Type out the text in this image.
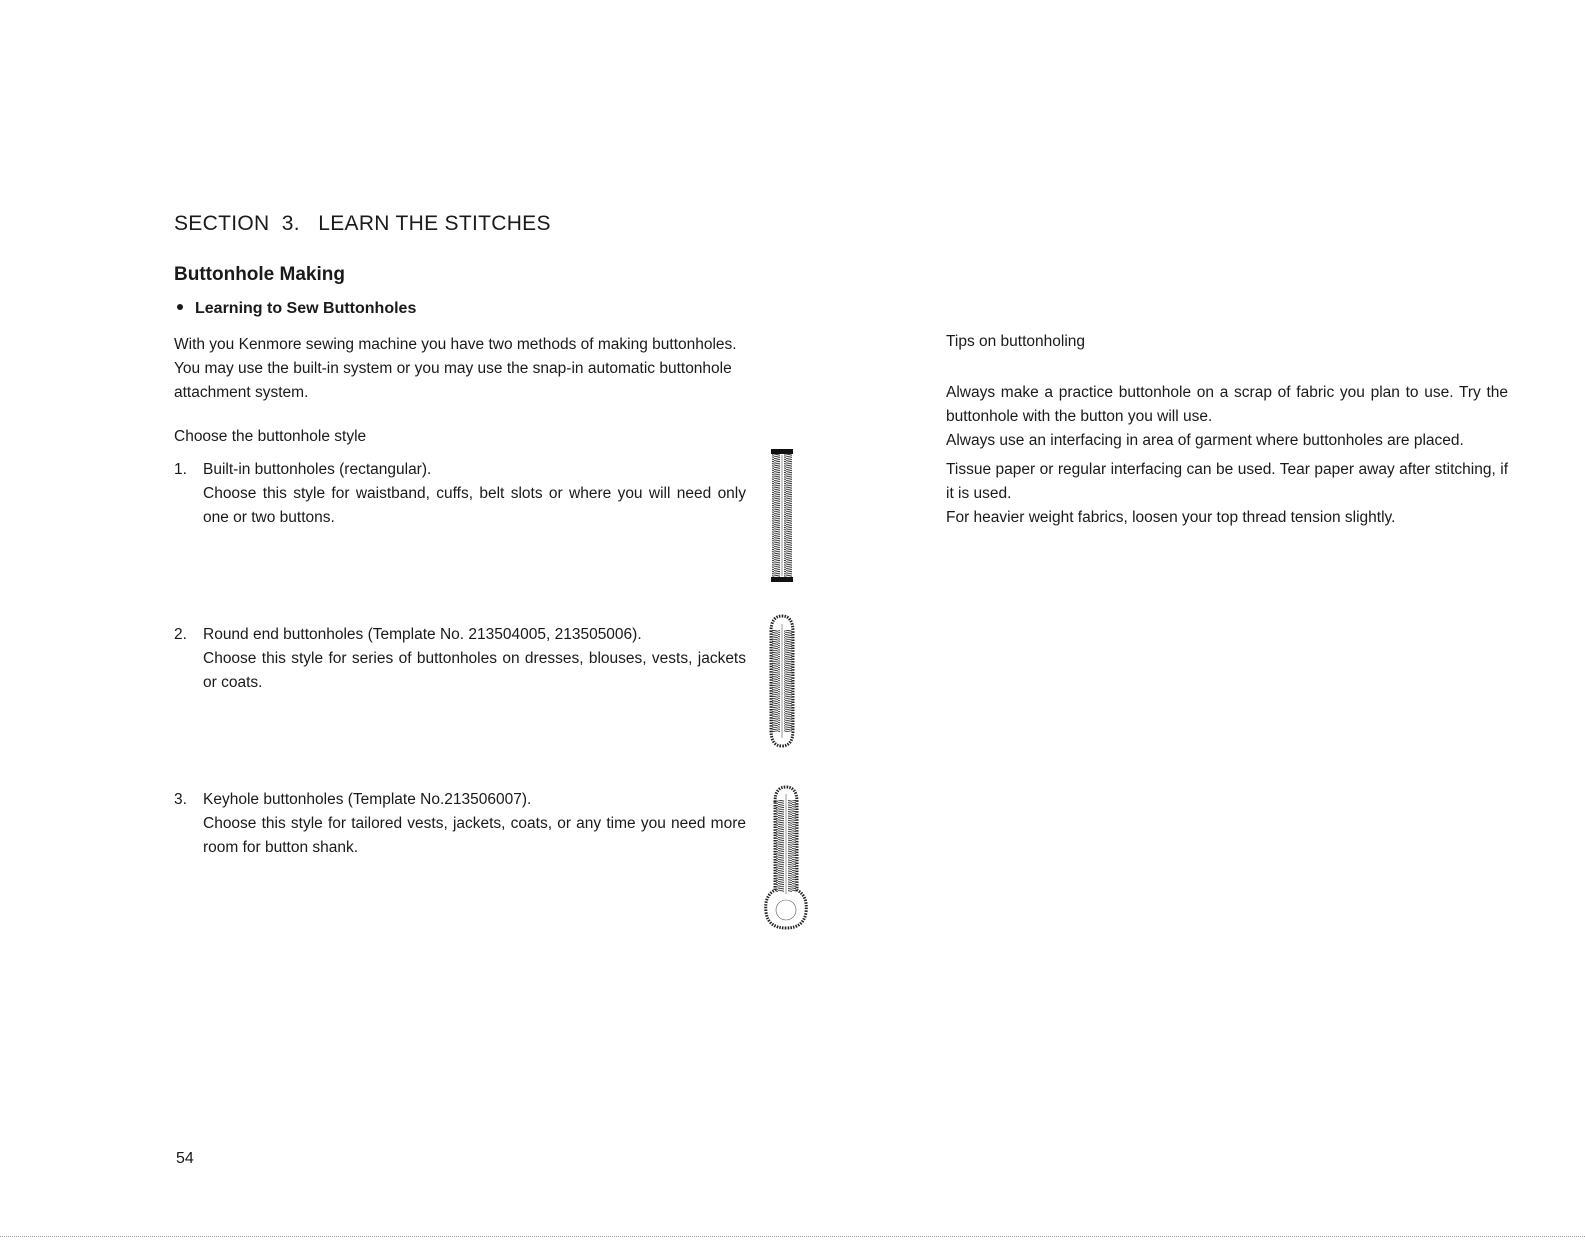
SECTION  3.   LEARN THE STITCHES
Buttonhole Making
Learning to Sew Buttonholes
With you Kenmore sewing machine you have two methods of making buttonholes. You may use the built-in system or you may use the snap-in automatic buttonhole attachment system.
Choose the buttonhole style
1.	Built-in buttonholes (rectangular).
Choose this style for waistband, cuffs, belt slots or where you will need only one or two buttons.
2.	Round end buttonholes (Template No. 213504005, 213505006).
Choose this style for series of buttonholes on dresses, blouses, vests, jackets or coats.
3.	Keyhole buttonholes (Template No.213506007).
Choose this style for tailored vests, jackets, coats, or any time you need more room for button shank.
Tips on buttonholing

Always make a practice buttonhole on a scrap of fabric you plan to use. Try the buttonhole with the button you will use.

Always use an interfacing in area of garment where buttonholes are placed.

Tissue paper or regular interfacing can be used. Tear paper away after stitching, if it is used.

For heavier weight fabrics, loosen your top thread tension slightly.

54
